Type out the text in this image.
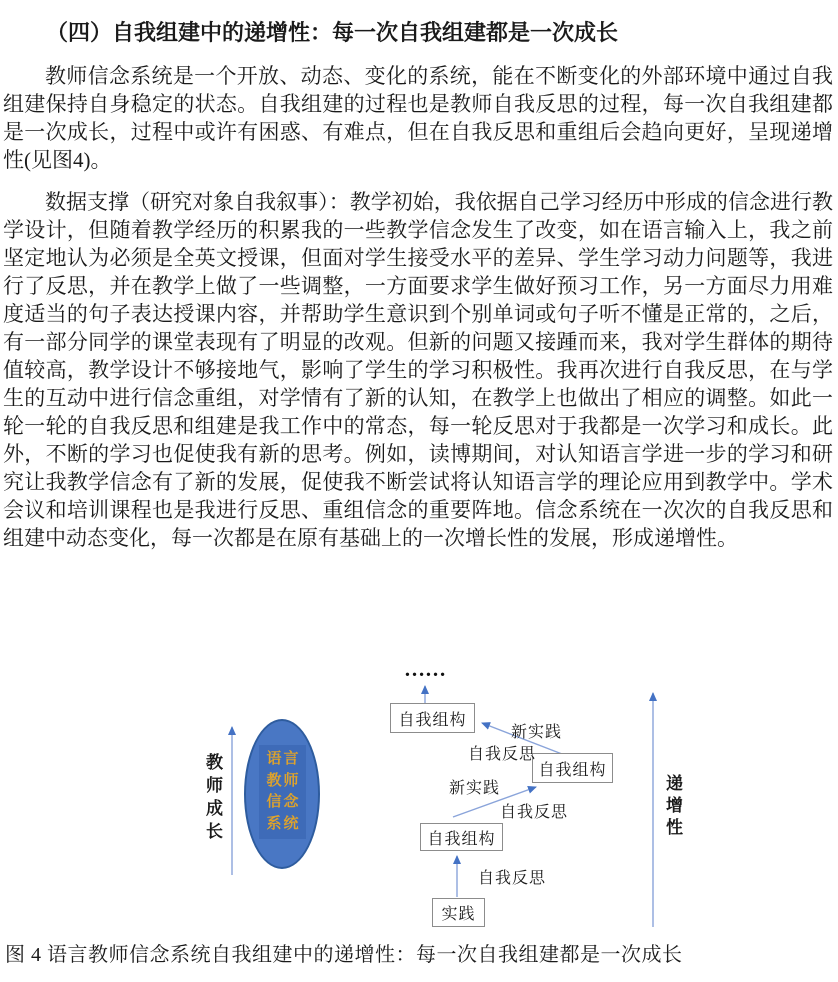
（四）自我组建中的递增性：每一次自我组建都是一次成长

教师信念系统是一个开放、动态、变化的系统，能在不断变化的外部环境中通过自我组建保持自身稳定的状态。自我组建的过程也是教师自我反思的过程，每一次自我组建都是一次成长，过程中或许有困惑、有难点，但在自我反思和重组后会趋向更好，呈现递增性(见图4)。

数据支撑（研究对象自我叙事）：教学初始，我依据自己学习经历中形成的信念进行教学设计，但随着教学经历的积累我的一些教学信念发生了改变，如在语言输入上，我之前坚定地认为必须是全英文授课，但面对学生接受水平的差异、学生学习动力问题等，我进行了反思，并在教学上做了一些调整，一方面要求学生做好预习工作，另一方面尽力用难度适当的句子表达授课内容，并帮助学生意识到个别单词或句子听不懂是正常的，之后，有一部分同学的课堂表现有了明显的改观。但新的问题又接踵而来，我对学生群体的期待值较高，教学设计不够接地气，影响了学生的学习积极性。我再次进行自我反思，在与学生的互动中进行信念重组，对学情有了新的认知，在教学上也做出了相应的调整。如此一轮一轮的自我反思和组建是我工作中的常态，每一轮反思对于我都是一次学习和成长。此外，不断的学习也促使我有新的思考。例如，读博期间，对认知语言学进一步的学习和研究让我教学信念有了新的发展，促使我不断尝试将认知语言学的理论应用到教学中。学术会议和培训课程也是我进行反思、重组信念的重要阵地。信念系统在一次次的自我反思和组建中动态变化，每一次都是在原有基础上的一次增长性的发展，形成递增性。

教师成长	语言
教师
信念
系统
……
自我组构
自我组构
自我组构
实践
新实践
自我反思
新实践
自我反思
自我反思
递增性
图 4 语言教师信念系统自我组建中的递增性：每一次自我组建都是一次成长
